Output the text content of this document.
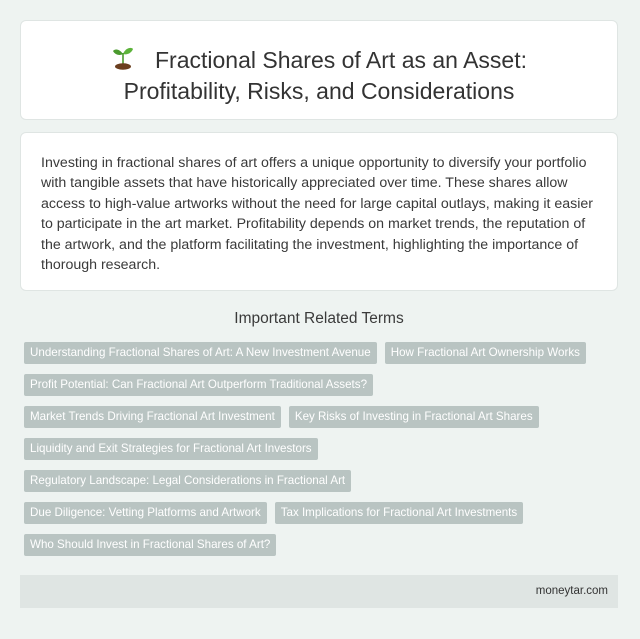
Fractional Shares of Art as an Asset:
Profitability, Risks, and Considerations

Investing in fractional shares of art offers a unique opportunity to diversify your portfolio with tangible assets that have historically appreciated over time. These shares allow access to high-value artworks without the need for large capital outlays, making it easier to participate in the art market. Profitability depends on market trends, the reputation of the artwork, and the platform facilitating the investment, highlighting the importance of thorough research.

Important Related Terms
Understanding Fractional Shares of Art: A New Investment Avenue	How Fractional Art Ownership Works
Profit Potential: Can Fractional Art Outperform Traditional Assets?
Market Trends Driving Fractional Art Investment	Key Risks of Investing in Fractional Art Shares
Liquidity and Exit Strategies for Fractional Art Investors
Regulatory Landscape: Legal Considerations in Fractional Art
Due Diligence: Vetting Platforms and Artwork	Tax Implications for Fractional Art Investments
Who Should Invest in Fractional Shares of Art?
moneytar.com
